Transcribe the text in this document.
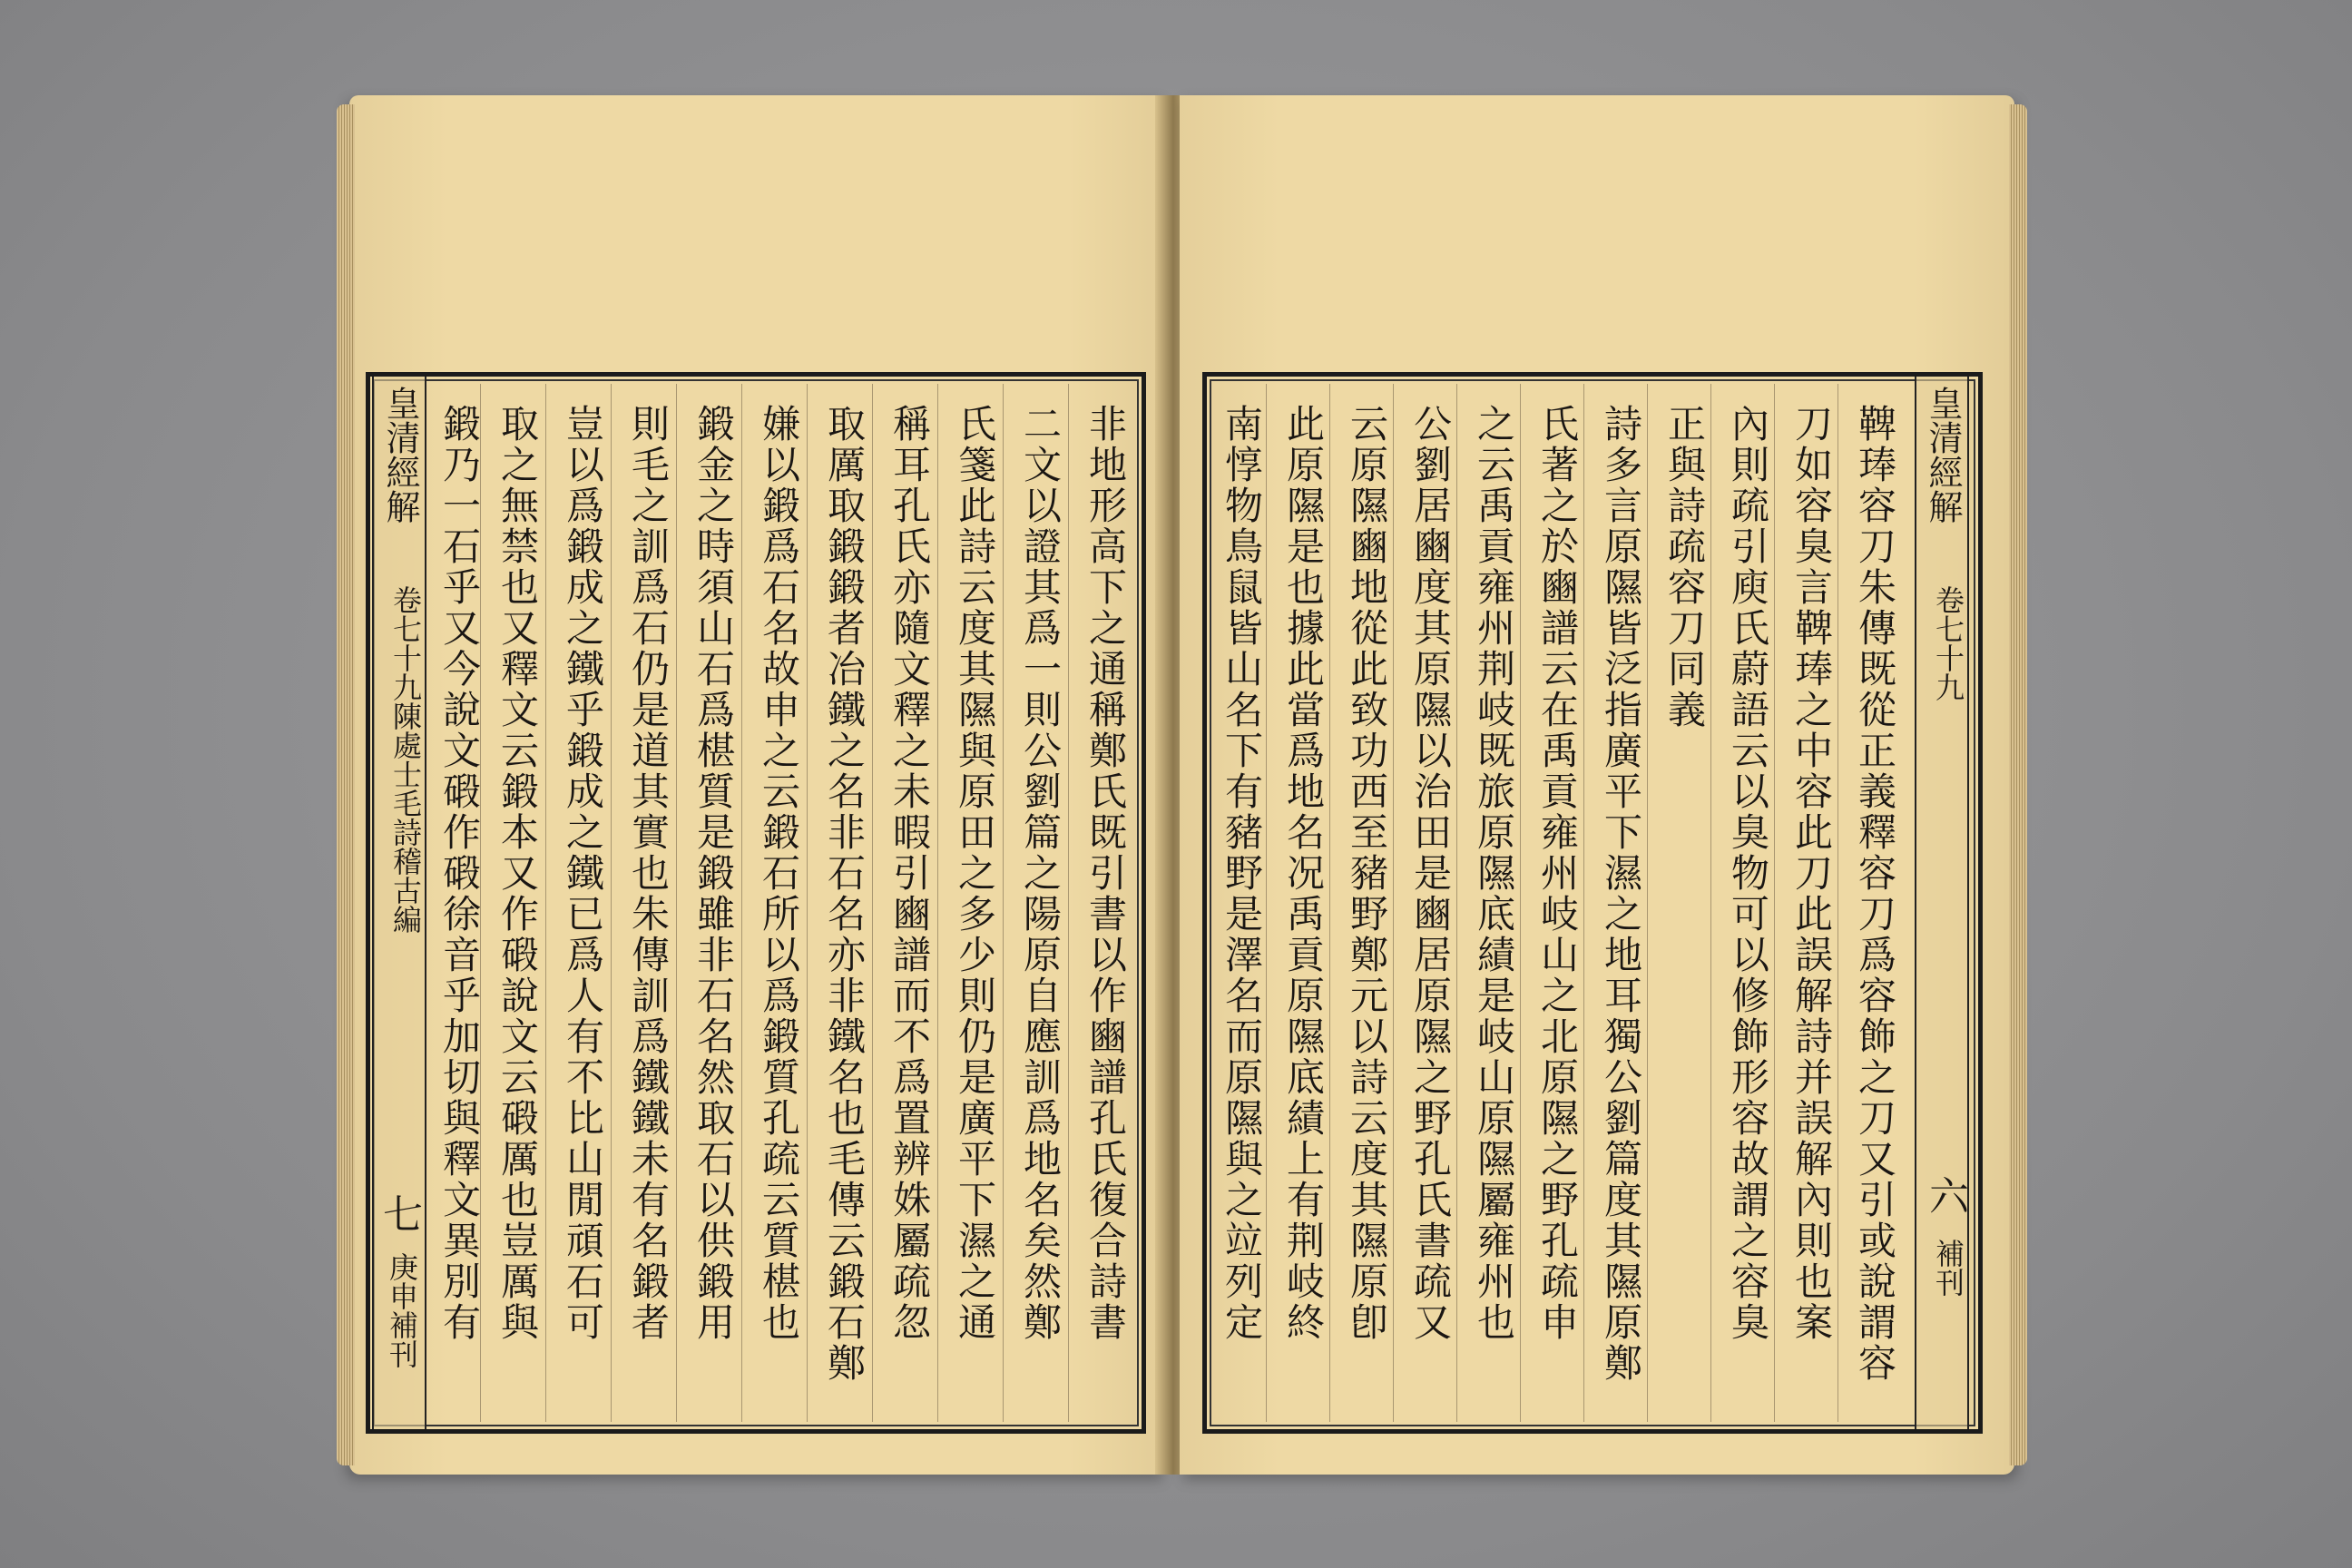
皇清經解
卷七十九陳處士毛詩稽古編
七
庚申補刊	非地形高下之通稱鄭氏既引書以作豳譜孔氏復合詩書
二文以證其爲一則公劉篇之陽原自應訓爲地名矣然鄭
氏箋此詩云度其隰與原田之多少則仍是廣平下濕之通
稱耳孔氏亦隨文釋之未暇引豳譜而不爲置辨姝屬疏忽
取厲取鍛鍛者冶鐵之名非石名亦非鐵名也毛傳云鍛石鄭
嫌以鍛爲石名故申之云鍛石所以爲鍛質孔疏云質椹也
鍛金之時須山石爲椹質是鍛雖非石名然取石以供鍛用
則毛之訓爲石仍是道其實也朱傳訓爲鐵鐵未有名鍛者
豈以爲鍛成之鐵乎鍛成之鐵已爲人有不比山閒頑石可
取之無禁也又釋文云鍛本又作碫說文云碫厲也豈厲與
鍛乃一石乎又今說文碫作碫徐音乎加切與釋文異別有	鞞琫容刀朱傳既從正義釋容刀爲容飾之刀又引或說謂容
刀如容臭言鞞琫之中容此刀此誤解詩并誤解內則也案
內則疏引庾氏蔚語云以臭物可以修飾形容故謂之容臭
正與詩疏容刀同義
詩多言原隰皆泛指廣平下濕之地耳獨公劉篇度其隰原鄭
氏著之於豳譜云在禹貢雍州岐山之北原隰之野孔疏申
之云禹貢雍州荆岐既旅原隰底績是岐山原隰屬雍州也
公劉居豳度其原隰以治田是豳居原隰之野孔氏書疏又
云原隰豳地從此致功西至豬野鄭元以詩云度其隰原卽
此原隰是也據此當爲地名况禹貢原隰底績上有荆岐終
南惇物鳥鼠皆山名下有豬野是澤名而原隰與之竝列定	皇清經解
卷七十九
六
補刊
